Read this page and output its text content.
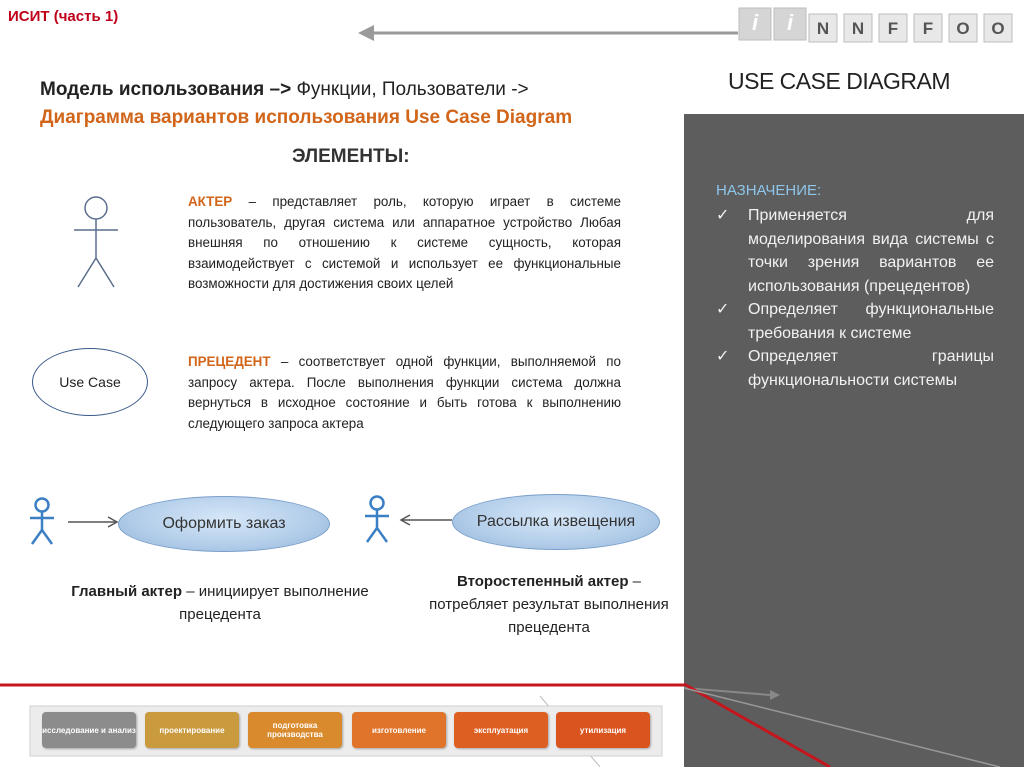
ИСИТ (часть 1)	i i N N F F O O
Модель использования –> Функции, Пользователи ->
Диаграмма вариантов использования Use Case Diagram
USE CASE DIAGRAM
НАЗНАЧЕНИЕ:
✓ Применяется для моделирования вида системы с точки зрения вариантов ее использования (прецедентов)
✓ Определяет функциональные требования к системе
✓ Определяет границы функциональности системы
ЭЛЕМЕНТЫ:
АКТЕР – представляет роль, которую играет в системе пользователь, другая система или аппаратное устройство Любая внешняя по отношению к системе сущность, которая взаимодействует с системой и использует ее функциональные возможности для достижения своих целей
Use Case
ПРЕЦЕДЕНТ – соответствует одной функции, выполняемой по запросу актера. После выполнения функции система должна вернуться в исходное состояние и быть готова к выполнению следующего запроса актера
Оформить заказ	Рассылка извещения
Главный актер – инициирует выполнение прецедента
Второстепенный актер – потребляет результат выполнения прецедента
исследование и анализ	проектирование	подготовка производства	изготовление	эксплуатация	утилизация
